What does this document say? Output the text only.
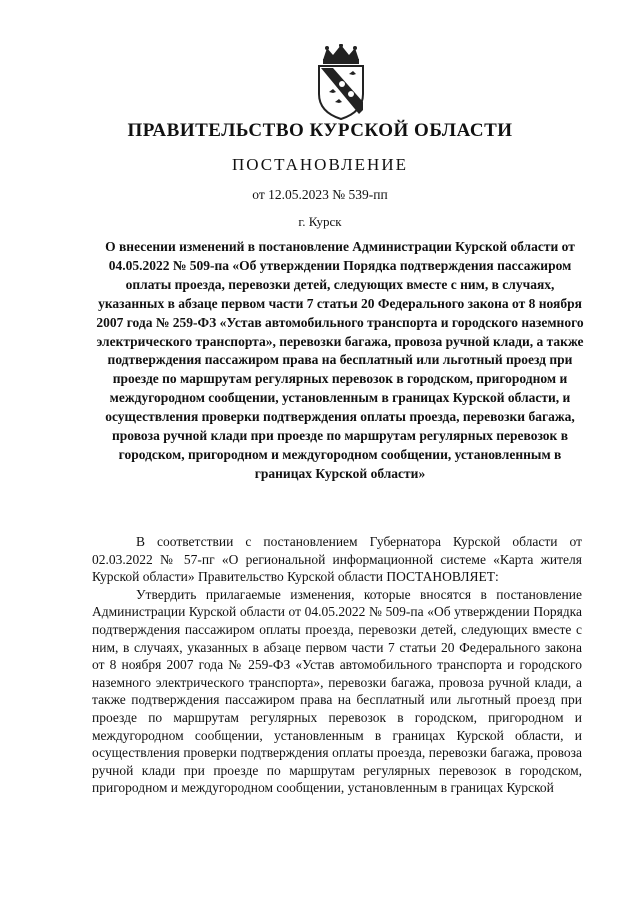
ПРАВИТЕЛЬСТВО КУРСКОЙ ОБЛАСТИ
ПОСТАНОВЛЕНИЕ
от 12.05.2023 № 539-пп
г. Курск
О внесении изменений в постановление Администрации Курской области от 04.05.2022 № 509-па «Об утверждении Порядка подтверждения пассажиром оплаты проезда, перевозки детей, следующих вместе с ним, в случаях, указанных в абзаце первом части 7 статьи 20 Федерального закона от 8 ноября 2007 года № 259-ФЗ «Устав автомобильного транспорта и городского наземного электрического транспорта», перевозки багажа, провоза ручной клади, а также подтверждения пассажиром права на бесплатный или льготный проезд при проезде по маршрутам регулярных перевозок в городском, пригородном и междугородном сообщении, установленным в границах Курской области, и осуществления проверки подтверждения оплаты проезда, перевозки багажа, провоза ручной клади при проезде по маршрутам регулярных перевозок в городском, пригородном и междугородном сообщении, установленным в границах Курской области»

В соответствии с постановлением Губернатора Курской области от 02.03.2022 № 57-пг «О региональной информационной системе «Карта жителя Курской области» Правительство Курской области ПОСТАНОВЛЯЕТ:

Утвердить прилагаемые изменения, которые вносятся в постановление Администрации Курской области от 04.05.2022 № 509-па «Об утверждении Порядка подтверждения пассажиром оплаты проезда, перевозки детей, следующих вместе с ним, в случаях, указанных в абзаце первом части 7 статьи 20 Федерального закона от 8 ноября 2007 года № 259-ФЗ «Устав автомобильного транспорта и городского наземного электрического транспорта», перевозки багажа, провоза ручной клади, а также подтверждения пассажиром права на бесплатный или льготный проезд при проезде по маршрутам регулярных перевозок в городском, пригородном и междугородном сообщении, установленным в границах Курской области, и осуществления проверки подтверждения оплаты проезда, перевозки багажа, провоза ручной клади при проезде по маршрутам регулярных перевозок в городском, пригородном и междугородном сообщении, установленным в границах Курской
